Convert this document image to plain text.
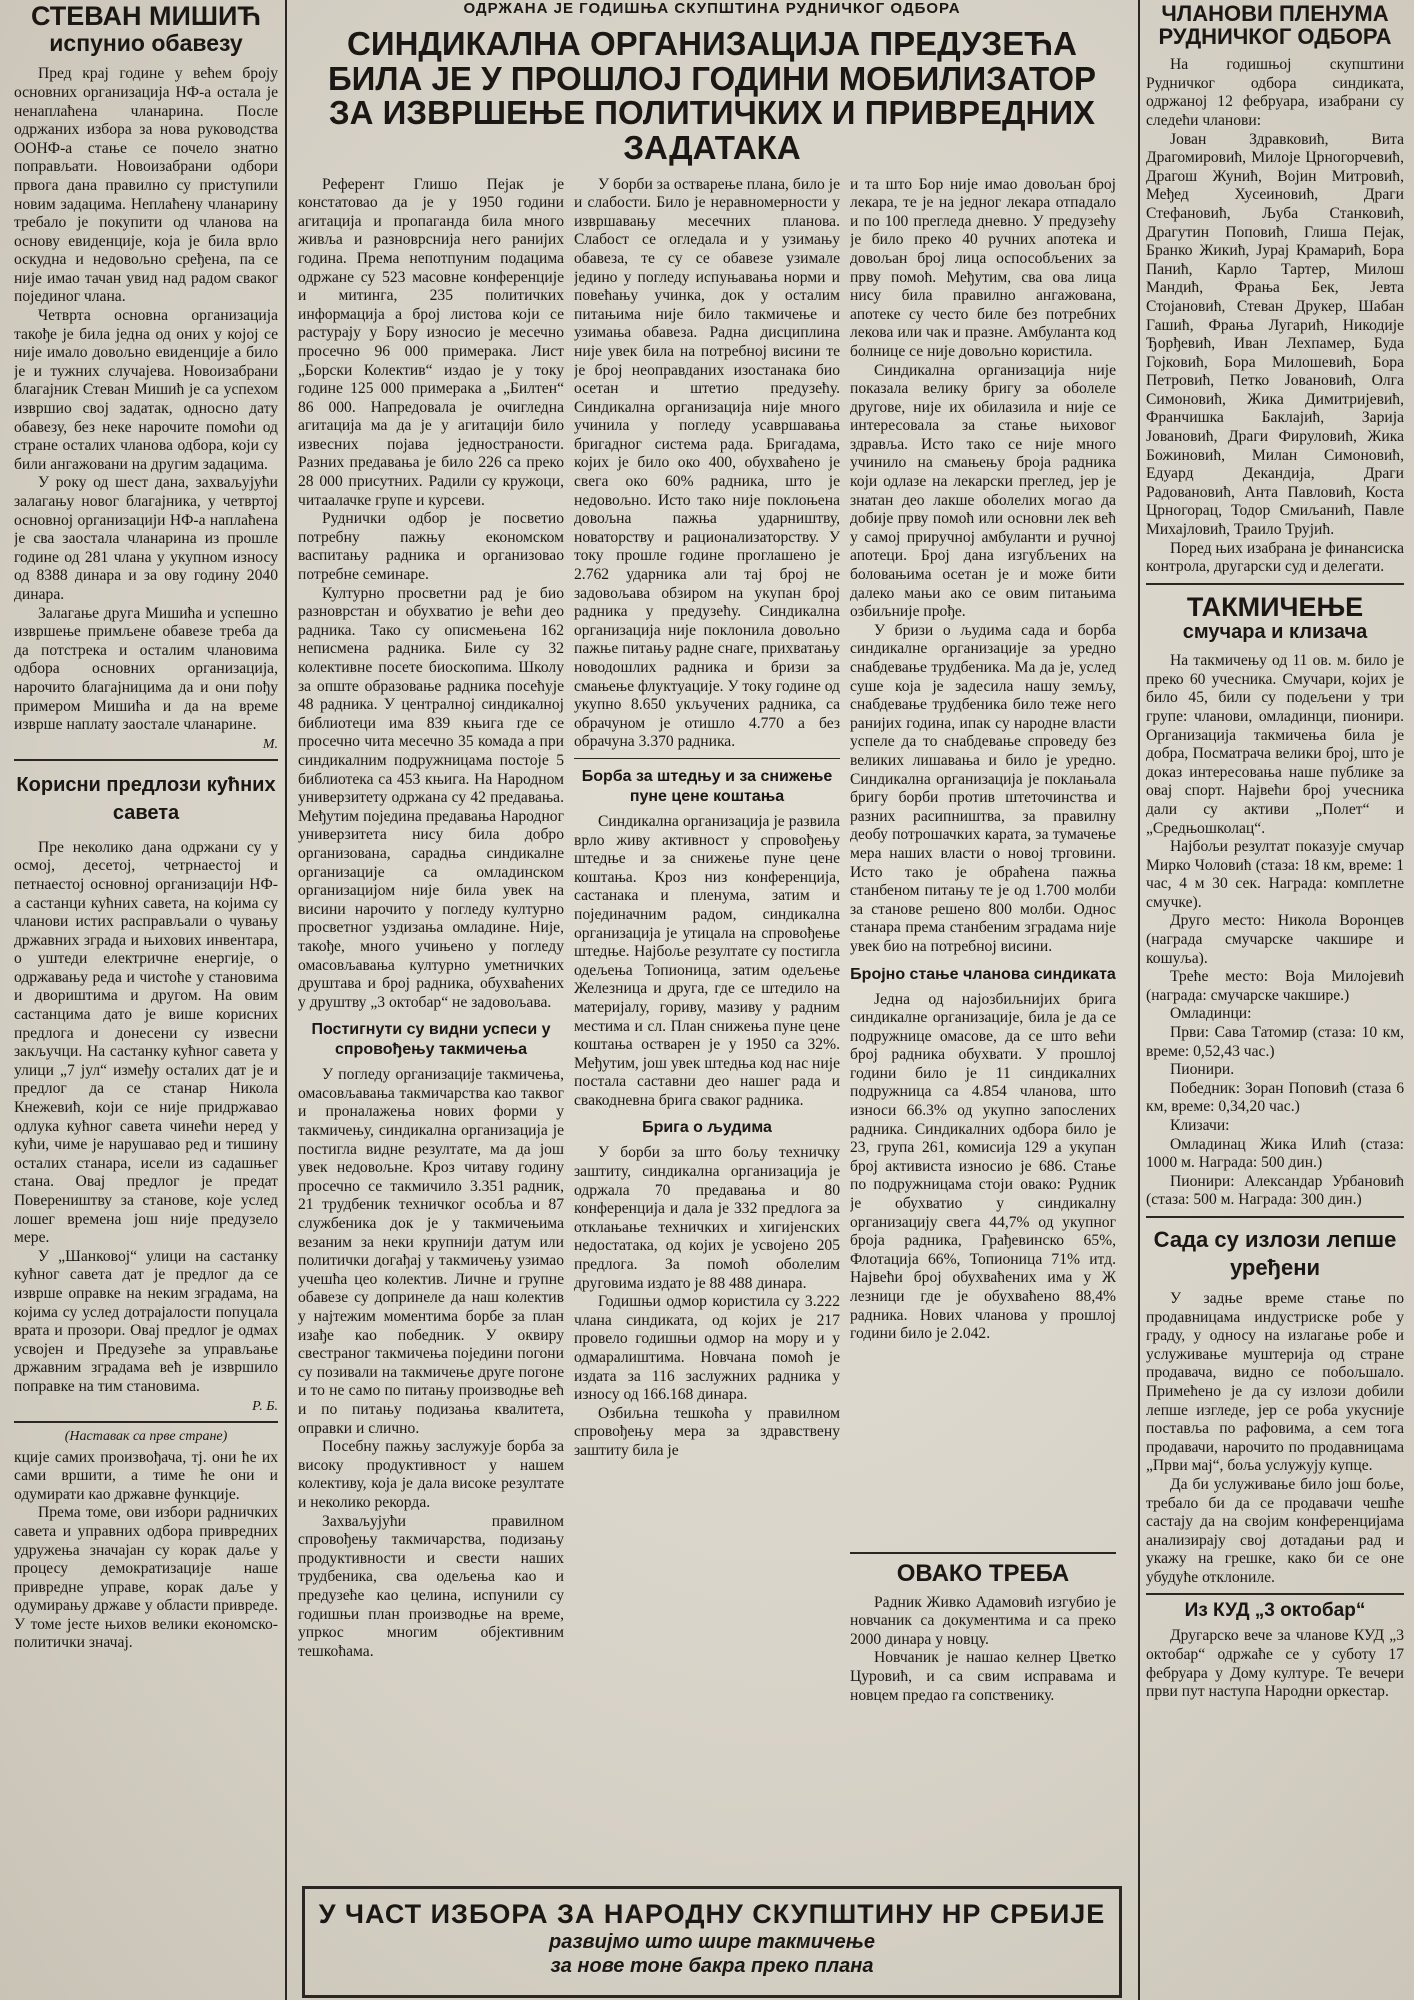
СТЕВАН МИШИЋ
испунио обавезу

Пред крај године у већем броју основних организација НФ-а остала је ненаплаћена чланарина. После одржаних избора за нова руководства ООНФ-а стање се почело знатно поправљати. Новоизабрани одбори првога дана правилно су приступили новим задацима. Неплаћену чланарину требало је покупити од чланова на основу евиденције, која је била врло оскудна и недовољно сређена, па се није имао тачан увид над радом сваког појединог члана.

Четврта основна организација такође је била једна од оних у којој се није имало довољно евиденције а било је и тужних случајева. Новоизабрани благајник Стеван Мишић је са успехом извршио свој задатак, односно дату обавезу, без неке нарочите помоћи од стране осталих чланова одбора, који су били ангажовани на другим задацима.

У року од шест дана, захваљујући залагању новог благајника, у четвртој основној организацији НФ-а наплаћена је сва заостала чланарина из прошле године од 281 члана у укупном износу од 8388 динара и за ову годину 2040 динара.

Залагање друга Мишића и успешно извршење примљене обавезе треба да да потстрека и осталим члановима одбора основних организација, нарочито благајницима да и они пођу примером Мишића и да на време изврше наплату заостале чланарине.

М.
Корисни предлози кућних савета

Пре неколико дана одржани су у осмој, десетој, четрнаестој и петнаестој основној организацији НФ-а састанци кућних савета, на којима су чланови истих расправљали о чувању државних зграда и њихових инвентара, о уштеди електричне енергије, о одржавању реда и чистоће у становима и двориштима и другом. На овим састанцима дато је више корисних предлога и донесени су извесни закључци. На састанку кућног савета у улици „7 јул“ између осталих дат је и предлог да се станар Никола Кнежевић, који се није придржавао одлука кућног савета чинећи неред у кући, чиме је нарушавао ред и тишину осталих станара, исели из садашњег стана. Овај предлог је предат Повереништву за станове, које услед лошег времена још није предузело мере.

У „Шанковој“ улици на састанку кућног савета дат је предлог да се изврше оправке на неким зградама, на којима су услед дотрајалости попуцала врата и прозори. Овај предлог је одмах усвојен и Предузеће за управљање државним зградама већ је извршило поправке на тим становима.

Р. Б.
(Наставак са прве стране)

кције самих произвођача, тј. они ће их сами вршити, а тиме ће они и одумирати као државне функције.

Према томе, ови избори радничких савета и управних одбора привредних удружења значајан су корак даље у процесу демократизације наше привредне управе, корак даље у одумирању државе у области привреде. У томе јесте њихов велики економско-политички значај.

ОДРЖАНА ЈЕ ГОДИШЊА СКУПШТИНА РУДНИЧКОГ ОДБОРА
СИНДИКАЛНА ОРГАНИЗАЦИЈА ПРЕДУЗЕЋА
БИЛА ЈЕ У ПРОШЛОЈ ГОДИНИ МОБИЛИЗАТОР
ЗА ИЗВРШЕЊЕ ПОЛИТИЧКИХ И ПРИВРЕДНИХ ЗАДАТАКА

Референт Глишо Пејак је констатовао да је у 1950 години агитација и пропаганда била много живља и разноврснија него ранијих година. Према непотпуним подацима одржане су 523 масовне конференције и митинга, 235 политичких информација а број листова који се растурају у Бору износио је месечно просечно 96 000 примерака. Лист „Борски Колектив“ издао је у току године 125 000 примерака а „Билтен“ 86 000. Напредовала је очигледна агитација ма да је у агитацији било извесних појава једностраности. Разних предавања је било 226 са преко 28 000 присутних. Радили су кружоци, читаалачке групе и курсеви.

Руднички одбор је посветио потребну пажњу економском васпитању радника и организовао потребне семинаре.

Културно просветни рад је био разноврстан и обухватио је већи део радника. Тако су описмењена 162 неписмена радника. Биле су 32 колективне посете биоскопима. Школу за опште образовање радника посећује 48 радника. У централној синдикалној библиотеци има 839 књига где се просечно чита месечно 35 комада а при синдикалним подружницама постоје 5 библиотека са 453 књига. На Народном универзитету одржана су 42 предавања. Међутим појединa предавања Народног универзитета нису била добро организована, сарадња синдикалне организације са омладинском организацијом није била увек на висини нарочито у погледу културно просветног уздизања омладине. Није, такође, много учињено у погледу омасовљавања културно уметничких друштава и број радника, обухваћених у друштву „3 октобар“ не задовољава.

Постигнути су видни успеси у спровођењу такмичења

У погледу организације такмичења, омасовљавања такмичарства као таквог и проналажења нових форми у такмичењу, синдикална организација је постигла видне резултате, ма да још увек недовољне. Кроз читаву годину просечно се такмичило 3.351 радник, 21 трудбеник техничког особља и 87 службеника док је у такмичењима везаним за неки крупнији датум или политички догађај у такмичењу узимао учешћа цео колектив. Личне и групне обавезе су допринеле да наш колектив у најтежим моментима борбе за план изађе као победник. У оквиру свестраног такмичења поједини погони су позивали на такмичење друге погоне и то не само по питању производње већ и по питању подизања квалитета, оправки и слично.

Посебну пажњу заслужује борба за високу продуктивност у нашем колективу, која је дала високе резултате и неколико рекорда.

Захваљујући правилном спровођењу такмичарства, подизању продуктивности и свести наших трудбеника, сва одељења као и предузеће као целина, испунили су годишњи план производње на време, упркос многим објективним тешкоћама.

У борби за остварење плана, било је и слабости. Било је неравномерности у извршавању месечних планова. Слабост се огледала и у узимању обавеза, те су се обавезе узимале једино у погледу испуњавања норми и повећању учинка, док у осталим питањима није било такмичење и узимања обавеза. Радна дисциплина није увек била на потребној висини те је број неоправданих изостанака био осетан и штетио предузећу. Синдикална организација није много учинила у погледу усавршавања бригадног система рада. Бригадама, којих је било око 400, обухваћено је свега око 60% радника, што је недовољно. Исто тако није поклоњена довољна пажња ударништву, новаторству и рационализаторству. У току прошле године проглашено је 2.762 ударника али тај број не задовољава обзиром на укупан број радника у предузећу. Синдикална организација није поклонила довољно пажње питању радне снаге, прихватању новодошлих радника и бризи за смањење флуктуације. У току године од укупно 8.650 укључених радника, са обрачуном је отишло 4.770 а без обрачуна 3.370 радника.

Борба за штедњу и за снижење пуне цене коштања

Синдикална организација је развила врло живу активност у спровођењу штедње и за снижење пуне цене коштања. Кроз низ конференција, састанака и пленума, затим и појединачним радом, синдикална организација је утицала на спровођење штедње. Најбоље резултате су постигла одељења Топионица, затим одељење Железница и друга, где се штедило на материјалу, гориву, мазиву у радним местима и сл. План снижења пуне цене коштања остварен је у 1950 са 32%. Међутим, још увек штедња код нас није постала саставни део нашег рада и свакодневна брига сваког радника.

Брига о људима

У борби за што бољу техничку заштиту, синдикална организација је одржала 70 предавања и 80 конференција и дала је 332 предлога за отклањање техничких и хигијенских недостатака, од којих је усвојено 205 предлога. За помоћ оболелим друговима издато је 88 488 динара.

Годишњи одмор користила су 3.222 члана синдиката, од којих је 217 провело годишњи одмор на мору и у одмаралиштима. Новчана помоћ је издата за 116 заслужних радника у износу од 166.168 динара.

Озбиљна тешкоћа у правилном спровођењу мера за здравствену заштиту била је

и та што Бор није имао довољан број лекара, те је на једног лекара отпадало и по 100 прегледа дневно. У предузећу је било преко 40 ручних апотека и довољан број лица оспособљених за прву помоћ. Међутим, сва ова лица нису била правилно ангажована, апотеке су често биле без потребних лекова или чак и празне. Амбуланта код болнице се није довољно користила.

Синдикална организација није показала велику бригу за оболеле другове, није их обилазила и није се интересовала за стање њиховог здравља. Исто тако се није много учинило на смањењу броја радника који одлазе на лекарски преглед, јер је знатан део лакше оболелих могао да добије прву помоћ или основни лек већ у самој приручној амбуланти и ручној апотеци. Број дана изгубљених на боловањима осетан је и може бити далеко мањи ако се овим питањима озбиљније прође.

У бризи о људима сада и борба синдикалне организације за уредно снабдевање трудбеника. Ма да је, услед суше која је задесила нашу земљу, снабдевање трудбеника било теже него ранијих година, ипак су народне власти успеле да то снабдевање спроведу без великих лишавања и било је уредно. Синдикална организација је поклањала бригу борби против штеточинства и разних расипништва, за правилну деобу потрошачких карата, за тумачење мера наших власти о новој трговини. Исто тако је обраћена пажња станбеном питању те је од 1.700 молби за станове решено 800 молби. Однос станара према станбеним зградама није увек био на потребној висини.

Бројно стање чланова синдиката

Једна од најозбиљнијих брига синдикалне организације, била је да се подружнице омасове, да се што већи број радника обухвати. У прошлој години било је 11 синдикалних подружница са 4.854 чланова, што износи 66.3% од укупно запослених радника. Синдикалних одбора било је 23, група 261, комисија 129 а укупан број активиста износио је 686. Стање по подружницама стоји овако: Рудник је обухватио у синдикалну организацију свега 44,7% од укупног броја радника, Грађевинско 65%, Флотација 66%, Топионица 71% итд. Највећи број обухваћених има у Ж лезници где је обухваћено 88,4% радника. Нових чланова у прошлој години било је 2.042.

ОВАКО ТРЕБА

Радник Живко Адамовић изгубио је новчаник са документима и са преко 2000 динара у новцу.

Новчаник је нашао келнер Цветко Цуровић, и са свим исправама и новцем предао га сопственику.

У ЧАСТ ИЗБОРА ЗА НАРОДНУ СКУПШТИНУ НР СРБИЈЕ
развијмо што шире такмичење
за нове тоне бакра преко плана
ЧЛАНОВИ ПЛЕНУМА
РУДНИЧКОГ ОДБОРА

На годишњој скупштини Рудничког одбора синдиката, одржаној 12 фебруара, изабрани су следећи чланови:

Јован Здравковић, Вита Драгомировић, Милоје Црногорчевић, Драгош Жунић, Војин Митровић, Међед Хусеиновић, Драги Стефановић, Љуба Станковић, Драгутин Поповић, Глиша Пејак, Бранко Жикић, Јурај Крамарић, Бора Панић, Карло Тартер, Милош Мандић, Фрања Бек, Јевта Стојановић, Стеван Друкер, Шабан Гашић, Фрања Лугарић, Никодије Ђорђевић, Иван Лехпамер, Буда Гојковић, Бора Милошевић, Бора Петровић, Петко Јовановић, Олга Симоновић, Жика Димитријевић, Франчишка Баклаjић, Зарија Јовановић, Драги Фируловић, Жика Божиновић, Милан Симоновић, Едуард Декандија, Драги Радовановић, Анта Павловић, Коста Црногорац, Тодор Смиљанић, Павле Михајловић, Траило Трујић.

Поред њих изабрана је финансиска контрола, другарски суд и делегати.

ТАКМИЧЕЊЕ
смучара и клизача

На такмичењу од 11 ов. м. било је преко 60 учесника. Смучари, којих је било 45, били су подељени у три групе: чланови, омладинци, пионири. Организација такмичења била је добра, Посматрача велики број, што је доказ интересовања наше публике за овај спорт. Највећи број учесника дали су активи „Полет“ и „Средњошколац“.

Најбољи резултат показује смучар Мирко Чоловић (стаза: 18 км, време: 1 час, 4 м 30 сек. Награда: комплетне смучке).

Друго место: Никола Воронцев (награда смучарске чакшире и кошуља).

Треће место: Воја Милојевић (награда: смучарске чакшире.)

Омладинци:

Први: Сава Татомир (стаза: 10 км, време: 0,52,43 час.)

Пионири.

Победник: Зоран Поповић (стаза 6 км, време: 0,34,20 час.)

Клизачи:

Омладинац Жика Илић (стаза: 1000 м. Награда: 500 дин.)

Пионири: Александар Урбановић (стаза: 500 м. Награда: 300 дин.)

Сада су излози лепше уређени

У задње време стање по продавницама индустриске робе у граду, у односу на излагање робе и услуживање муштерија од стране продавача, видно се побољшало. Примећено је да су излози добили лепше изгледе, јер се роба укусније поставља по рафовима, а сем тога продавачи, нарочито по продавницама „Први мај“, боља услужују купце.

Да би услуживање било још боље, требало би да се продавачи чешће састају да на својим конференцијама анализирају свој дотадањи рад и укажу на грешке, како би се оне убудуће отклониле.

Из КУД „3 октобар“

Другарско вече за чланове КУД „3 октобар“ одржаће се у суботу 17 фебруара у Дому културе. Те вечери први пут наступа Народни оркестар.
